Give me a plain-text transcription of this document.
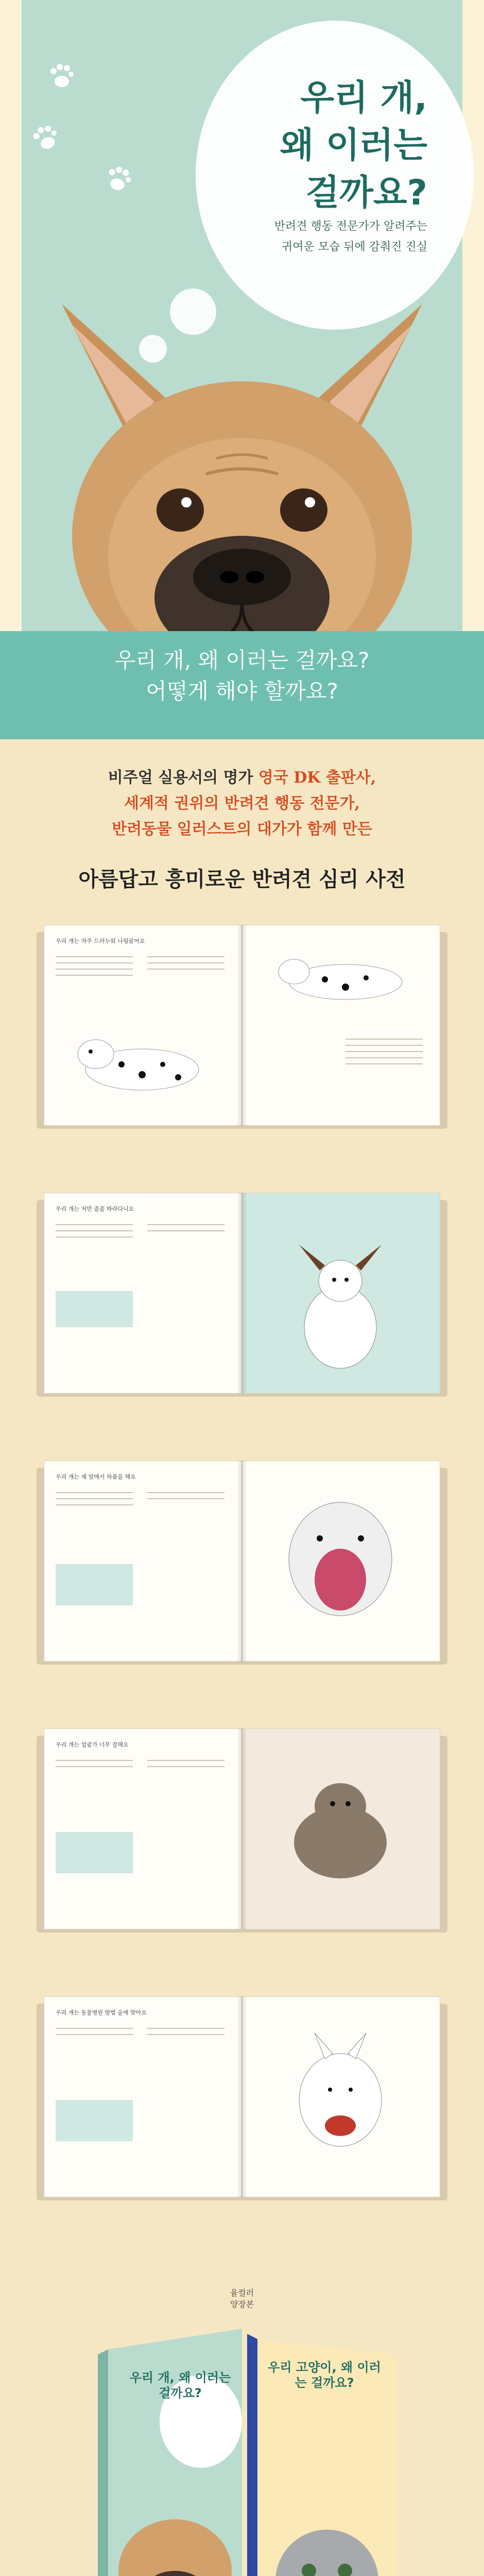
우리 개,
왜 이러는
걸까요?
반려견 행동 전문가가 알려주는
귀여운 모습 뒤에 감춰진 진실
우리 개, 왜 이러는 걸까요?
어떻게 해야 할까요?
비주얼 실용서의 명가 영국 DK 출판사,
세계적 권위의 반려견 행동 전문가,
반려동물 일러스트의 대가가 함께 만든
아름답고 흥미로운 반려견 심리 사전
우리 개는 자주 드러누워 나뒹굴어요
우리 개는 저만 졸졸 따라다니요
우리 개는 제 앞에서 하품을 해요
우리 개는 얼굴가 너무 잘해요
우리 개는 동물병원 방법 올에 맞아요
율컬러
양장본
우리 개, 왜 이러는 걸까요?
우리 고양이, 왜 이러는 걸까요?
